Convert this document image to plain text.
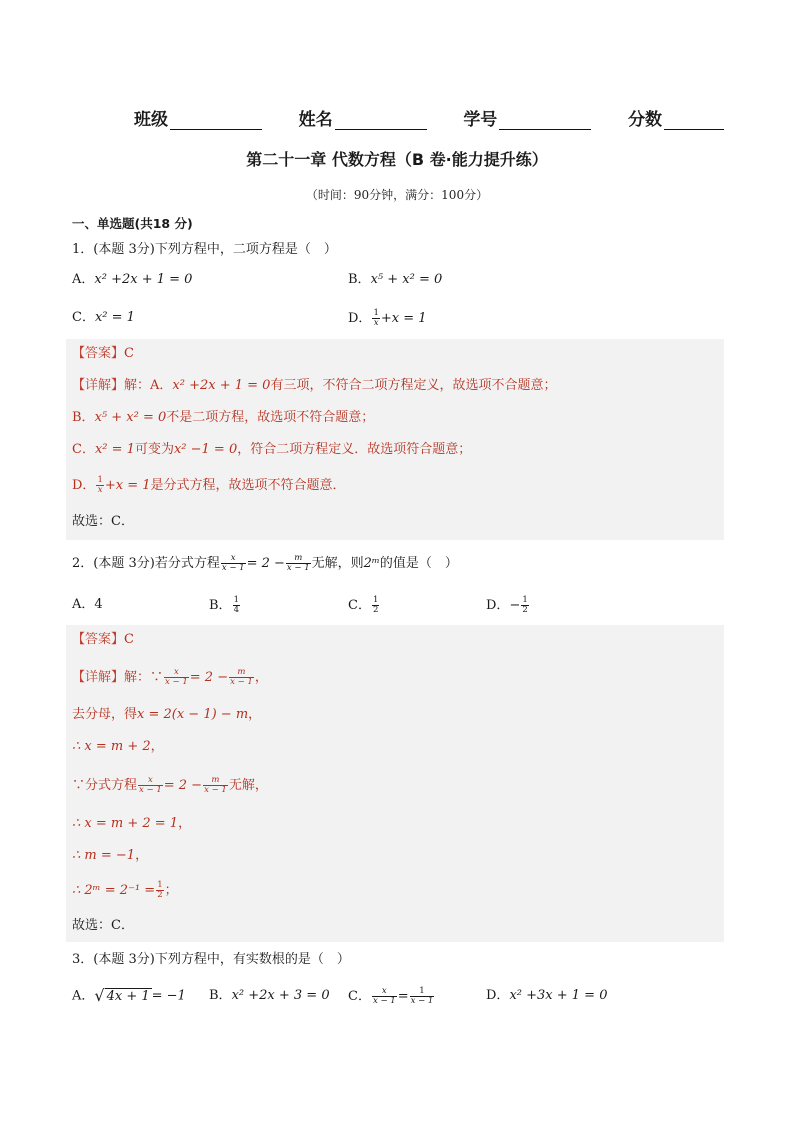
班级	姓名	学号	分数
第二十一章 代数方程（B 卷·能力提升练）
（时间：90分钟，满分：100分）
一、单选题(共18 分)
1．(本题 3分)下列方程中，二项方程是（　）
A．x² +2x + 1 = 0	B．x⁵ + x² = 0
C．x² = 1	D． $\frac{1}{x} +x = 1$
【答案】C
【详解】解：A．x² +2x + 1 = 0有三项，不符合二项方程定义，故选项不合题意；
B．x⁵ + x² = 0不是二项方程，故选项不符合题意；
C．x² = 1可变为x² −1 = 0，符合二项方程定义．故选项符合题意；
D． $\frac{1}{x} +x = 1$是分式方程，故选项不符合题意．
故选：C．
2．(本题 3分)若分式方程 $\frac{x}{x - 1} = 2 - \frac{m}{x - 1}$ 无解，则2ᵐ的值是（　）
A．4	B． $\frac{1}{4}$	C． $\frac{1}{2}$	D．− $\frac{1}{2}$
【答案】C
【详解】解：∵ $\frac{x}{x - 1} = 2 - \frac{m}{x - 1}$ ，
去分母，得x = 2(x − 1) − m，
∴ x = m + 2，
∵分式方程 $\frac{x}{x - 1} = 2 - \frac{m}{x - 1}$ 无解，
∴ x = m + 2 = 1，
∴ m = −1，
∴ 2ᵐ = $2^{-1} = \frac{1}{2}$ ；
故选：C．
3．(本题 3分)下列方程中，有实数根的是（　）
A． √ 4x + 1 = −1 B．x² +2x + 3 = 0 C． $\frac{x}{x - 1} = \frac{1}{x - 1}$	D．x² +3x + 1 = 0
